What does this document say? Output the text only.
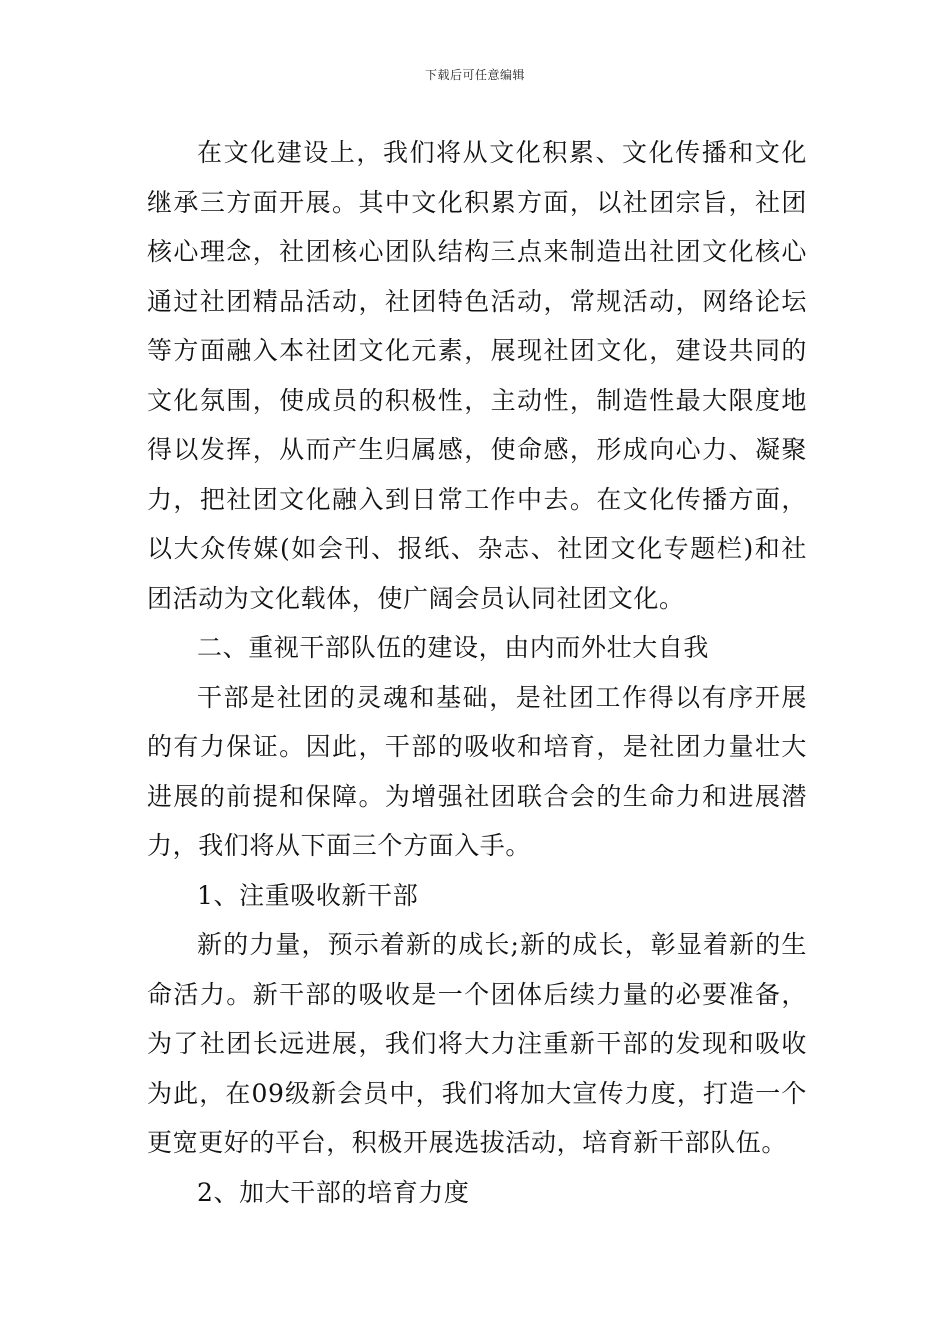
下载后可任意编辑

在文化建设上，我们将从文化积累、文化传播和文化继承三方面开展。其中文化积累方面，以社团宗旨，社团核心理念，社团核心团队结构三点来制造出社团文化核心通过社团精品活动，社团特色活动，常规活动，网络论坛等方面融入本社团文化元素，展现社团文化，建设共同的文化氛围，使成员的积极性，主动性，制造性最大限度地得以发挥，从而产生归属感，使命感，形成向心力、凝聚力，把社团文化融入到日常工作中去。在文化传播方面，以大众传媒(如会刊、报纸、杂志、社团文化专题栏)和社团活动为文化载体，使广阔会员认同社团文化。

二、重视干部队伍的建设，由内而外壮大自我

干部是社团的灵魂和基础，是社团工作得以有序开展的有力保证。因此，干部的吸收和培育，是社团力量壮大进展的前提和保障。为增强社团联合会的生命力和进展潜力，我们将从下面三个方面入手。

1、注重吸收新干部

新的力量，预示着新的成长;新的成长，彰显着新的生命活力。新干部的吸收是一个团体后续力量的必要准备，为了社团长远进展，我们将大力注重新干部的发现和吸收为此，在09级新会员中，我们将加大宣传力度，打造一个更宽更好的平台，积极开展选拔活动，培育新干部队伍。

2、加大干部的培育力度
